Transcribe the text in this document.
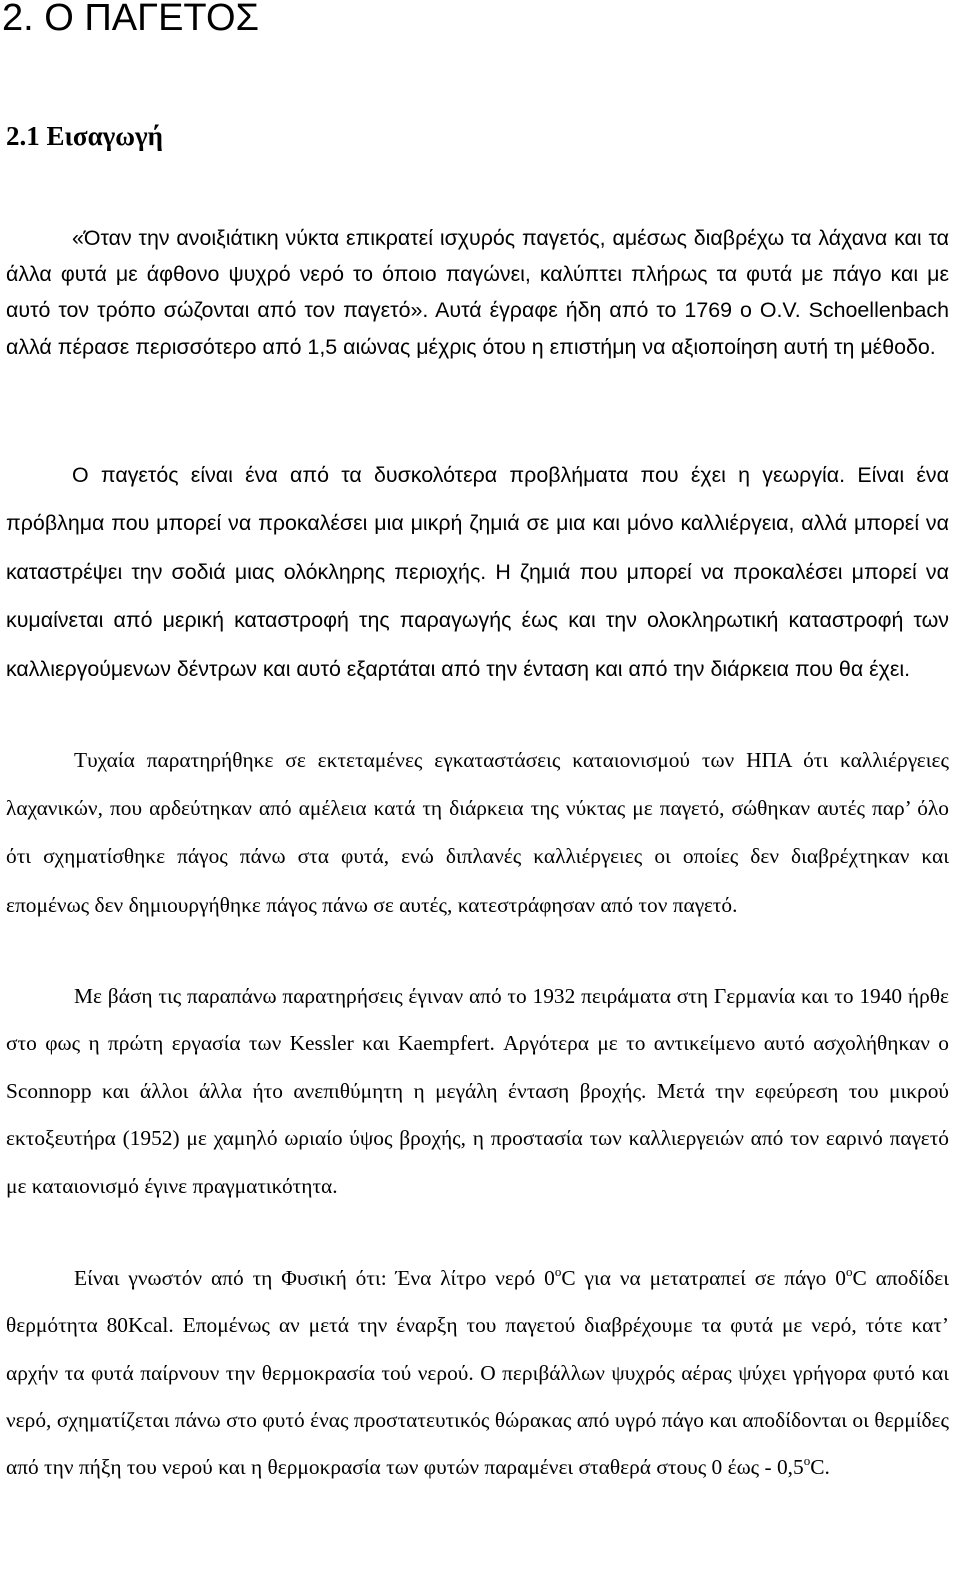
2. Ο ΠΑΓΕΤΟΣ
2.1 Εισαγωγή

«Όταν την ανοιξιάτικη νύκτα επικρατεί ισχυρός παγετός, αμέσως διαβρέχω τα λάχανα και τα άλλα φυτά με άφθονο ψυχρό νερό το όποιο παγώνει, καλύπτει πλήρως τα φυτά με πάγο και με αυτό τον τρόπο σώζονται από τον παγετό». Αυτά έγραφε ήδη από το 1769 ο O.V. Schoellenbach αλλά πέρασε περισσότερο από 1,5 αιώνας μέχρις ότου η επιστήμη να αξιοποίηση αυτή τη μέθοδο.

Ο παγετός είναι ένα από τα δυσκολότερα προβλήματα που έχει η γεωργία. Είναι ένα πρόβλημα που μπορεί να προκαλέσει μια μικρή ζημιά σε μια και μόνο καλλιέργεια, αλλά μπορεί να καταστρέψει την σοδιά μιας ολόκληρης περιοχής. Η ζημιά που μπορεί να προκαλέσει μπορεί να κυμαίνεται από μερική καταστροφή της παραγωγής έως και την ολοκληρωτική καταστροφή των καλλιεργούμενων δέντρων και αυτό εξαρτάται από την ένταση και από την διάρκεια που θα έχει.

Τυχαία παρατηρήθηκε σε εκτεταμένες εγκαταστάσεις καταιονισμού των ΗΠΑ ότι καλλιέργειες λαχανικών, που αρδεύτηκαν από αμέλεια κατά τη διάρκεια της νύκτας με παγετό, σώθηκαν αυτές παρ’ όλο ότι σχηματίσθηκε πάγος πάνω στα φυτά, ενώ διπλανές καλλιέργειες οι οποίες δεν διαβρέχτηκαν και επομένως δεν δημιουργήθηκε πάγος πάνω σε αυτές, κατεστράφησαν από τον παγετό.

Με βάση τις παραπάνω παρατηρήσεις έγιναν από το 1932 πειράματα στη Γερμανία και το 1940 ήρθε στο φως η πρώτη εργασία των Kessler και Kaempfert. Αργότερα με το αντικείμενο αυτό ασχολήθηκαν ο Sconnopp και άλλοι άλλα ήτο ανεπιθύμητη η μεγάλη ένταση βροχής. Μετά την εφεύρεση του μικρού εκτοξευτήρα (1952) με χαμηλό ωριαίο ύψος βροχής, η προστασία των καλλιεργειών από τον εαρινό παγετό με καταιονισμό έγινε πραγματικότητα.

Είναι γνωστόν από τη Φυσική ότι: Ένα λίτρο νερό 0$^o$C για να μετατραπεί σε πάγο 0$^o$C αποδίδει θερμότητα 80Kcal. Επομένως αν μετά την έναρξη του παγετού διαβρέχουμε τα φυτά με νερό, τότε κατ’ αρχήν τα φυτά παίρνουν την θερμοκρασία τού νερού. Ο περιβάλλων ψυχρός αέρας ψύχει γρήγορα φυτό και νερό, σχηματίζεται πάνω στο φυτό ένας προστατευτικός θώρακας από υγρό πάγο και αποδίδονται οι θερμίδες από την πήξη του νερού και η θερμοκρασία των φυτών παραμένει σταθερά στους 0 έως - 0,5$^o$C.
